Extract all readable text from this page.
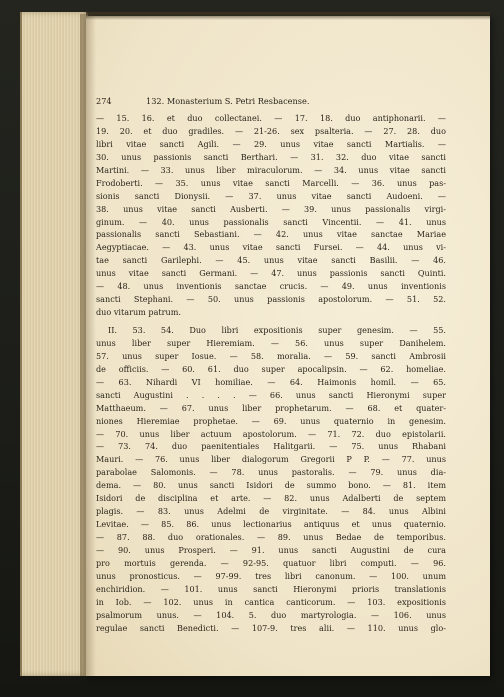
274	132. Monasterium S. Petri Resbacense.
— 15. 16. et duo collectanei. — 17. 18. duo antiphonarii. —
19. 20. et duo gradiles. — 21-26. sex psalteria. — 27. 28. duo
libri vitae sancti Agili. — 29. unus vitae sancti Martialis. —
30. unus passionis sancti Berthari. — 31. 32. duo vitae sancti
Martini. — 33. unus liber miraculorum. — 34. unus vitae sancti
Frodoberti. — 35. unus vitae sancti Marcelli. — 36. unus pas-
sionis sancti Dionysii. — 37. unus vitae sancti Audoeni. —
38. unus vitae sancti Ausberti. — 39. unus passionalis virgi-
ginum. — 40. unus passionalis sancti Vincentii. — 41. unus
passionalis sancti Sebastiani. — 42. unus vitae sanctae Mariae
Aegyptiacae. — 43. unus vitae sancti Fursei. — 44. unus vi-
tae sancti Garilephi. — 45. unus vitae sancti Basilii. — 46.
unus vitae sancti Germani. — 47. unus passionis sancti Quinti.
— 48. unus inventionis sanctae crucis. — 49. unus inventionis
sancti Stephani. — 50. unus passionis apostolorum. — 51. 52.
duo vitarum patrum.
II. 53. 54. Duo libri expositionis super genesim. — 55.
unus liber super Hieremiam. — 56. unus super Danihelem.
57. unus super Iosue. — 58. moralia. — 59. sancti Ambrosii
de officiis. — 60. 61. duo super apocalipsin. — 62. homeliae.
— 63. Nihardi VI homiliae. — 64. Haimonis homil. — 65.
sancti Augustini . . . . — 66. unus sancti Hieronymi super
Matthaeum. — 67. unus liber prophetarum. — 68. et quater-
niones Hieremiae prophetae. — 69. unus quaternio in genesim.
— 70. unus liber actuum apostolorum. — 71. 72. duo epistolarii.
— 73. 74. duo paenitentiales Halitgarii. — 75. unus Rhabani
Mauri. — 76. unus liber dialogorum Gregorii P P. — 77. unus
parabolae Salomonis. — 78. unus pastoralis. — 79. unus dia-
dema. — 80. unus sancti Isidori de summo bono. — 81. item
Isidori de disciplina et arte. — 82. unus Adalberti de septem
plagis. — 83. unus Adelmi de virginitate. — 84. unus Albini
Levitae. — 85. 86. unus lectionarius antiquus et unus quaternio.
— 87. 88. duo orationales. — 89. unus Bedae de temporibus.
— 90. unus Prosperi. — 91. unus sancti Augustini de cura
pro mortuis gerenda. — 92-95. quatuor libri computi. — 96.
unus pronosticus. — 97-99. tres libri canonum. — 100. unum
enchiridion. — 101. unus sancti Hieronymi prioris translationis
in Iob. — 102. unus in cantica canticorum. — 103. expositionis
psalmorum unus. — 104. 5. duo martyrologia. — 106. unus
regulae sancti Benedicti. — 107-9. tres alii. — 110. unus glo-
